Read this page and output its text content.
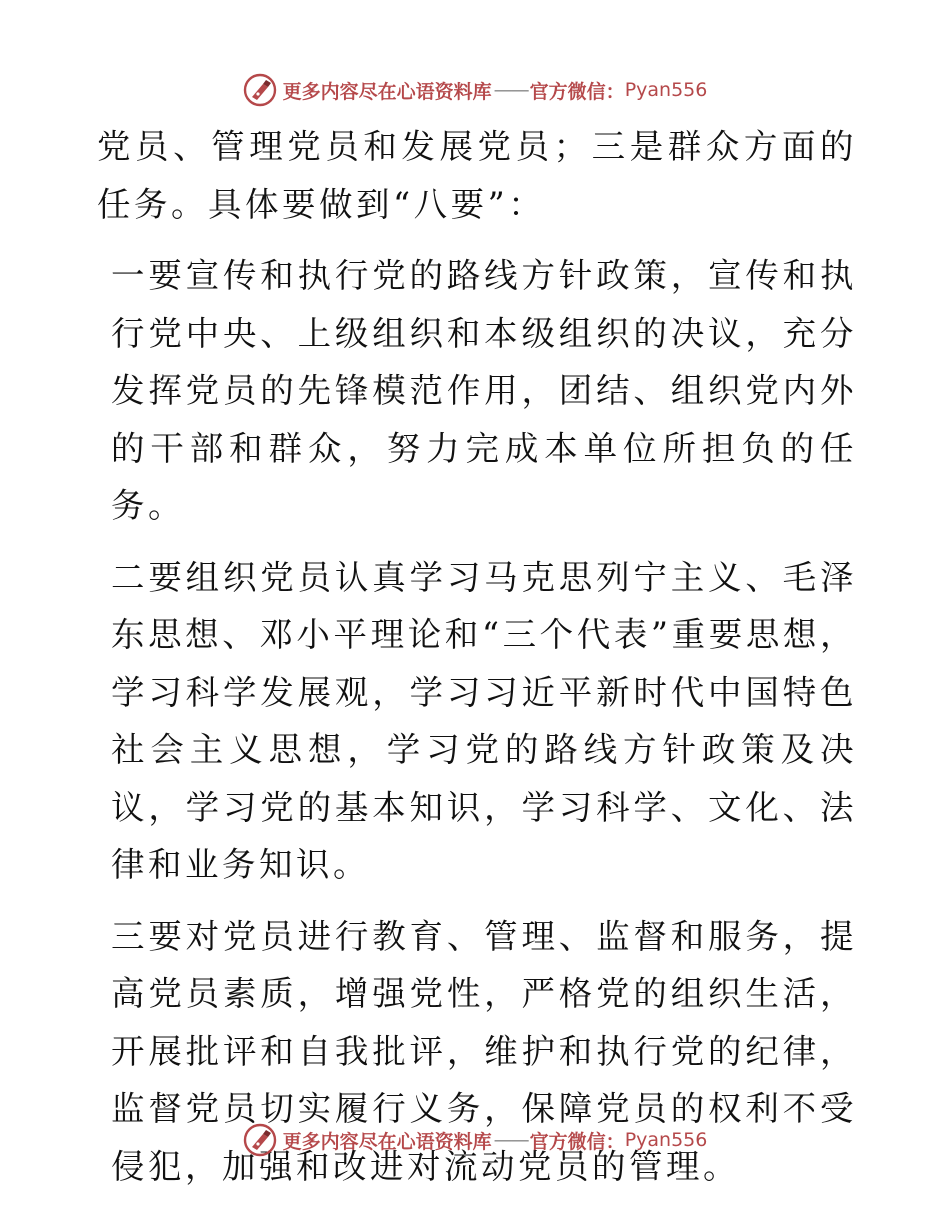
更多内容尽在心语资料库 —— 官方微信： Pyan556

党员、管理党员和发展党员；三是群众方面的任务。具体要做到“八要”：

一要宣传和执行党的路线方针政策，宣传和执行党中央、上级组织和本级组织的决议，充分发挥党员的先锋模范作用，团结、组织党内外的干部和群众，努力完成本单位所担负的任务。

二要组织党员认真学习马克思列宁主义、毛泽东思想、邓小平理论和“三个代表”重要思想，学习科学发展观，学习习近平新时代中国特色社会主义思想，学习党的路线方针政策及决议，学习党的基本知识，学习科学、文化、法律和业务知识。

三要对党员进行教育、管理、监督和服务，提高党员素质，增强党性，严格党的组织生活，开展批评和自我批评，维护和执行党的纪律，监督党员切实履行义务，保障党员的权利不受侵犯，加强和改进对流动党员的管理。

更多内容尽在心语资料库 —— 官方微信： Pyan556
